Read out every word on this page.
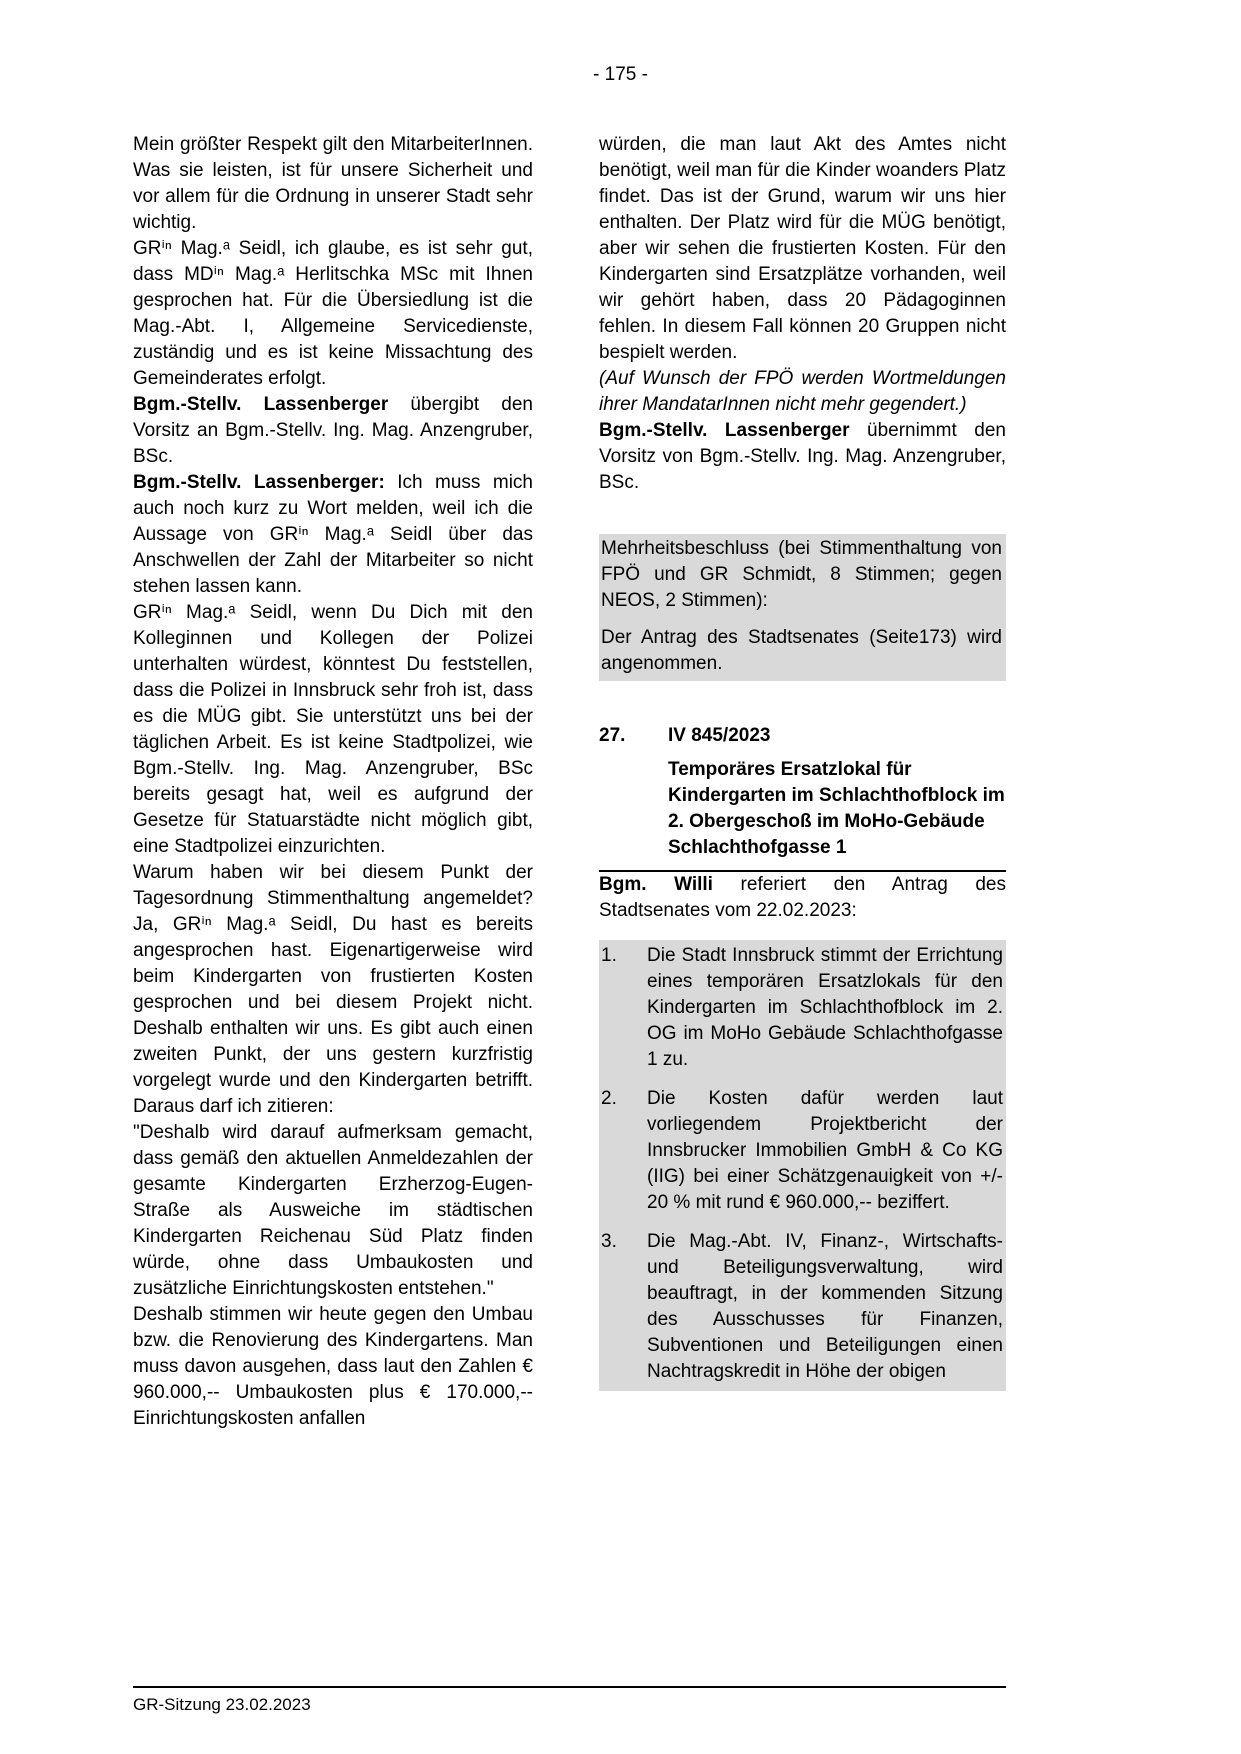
- 175 -

Mein größter Respekt gilt den MitarbeiterInnen. Was sie leisten, ist für unsere Sicherheit und vor allem für die Ordnung in unserer Stadt sehr wichtig.

GRⁱⁿ Mag.ᵃ Seidl, ich glaube, es ist sehr gut, dass MDⁱⁿ Mag.ᵃ Herlitschka MSc mit Ihnen gesprochen hat. Für die Übersiedlung ist die Mag.-Abt. I, Allgemeine Servicedienste, zuständig und es ist keine Missachtung des Gemeinderates erfolgt.

Bgm.-Stellv. Lassenberger übergibt den Vorsitz an Bgm.-Stellv. Ing. Mag. Anzengruber, BSc.

Bgm.-Stellv. Lassenberger: Ich muss mich auch noch kurz zu Wort melden, weil ich die Aussage von GRⁱⁿ Mag.ᵃ Seidl über das Anschwellen der Zahl der Mitarbeiter so nicht stehen lassen kann.

GRⁱⁿ Mag.ᵃ Seidl, wenn Du Dich mit den Kolleginnen und Kollegen der Polizei unterhalten würdest, könntest Du feststellen, dass die Polizei in Innsbruck sehr froh ist, dass es die MÜG gibt. Sie unterstützt uns bei der täglichen Arbeit. Es ist keine Stadtpolizei, wie Bgm.-Stellv. Ing. Mag. Anzengruber, BSc bereits gesagt hat, weil es aufgrund der Gesetze für Statuarstädte nicht möglich gibt, eine Stadtpolizei einzurichten.

Warum haben wir bei diesem Punkt der Tagesordnung Stimmenthaltung angemeldet? Ja, GRⁱⁿ Mag.ᵃ Seidl, Du hast es bereits angesprochen hast. Eigenartigerweise wird beim Kindergarten von frustierten Kosten gesprochen und bei diesem Projekt nicht. Deshalb enthalten wir uns. Es gibt auch einen zweiten Punkt, der uns gestern kurzfristig vorgelegt wurde und den Kindergarten betrifft. Daraus darf ich zitieren:

"Deshalb wird darauf aufmerksam gemacht, dass gemäß den aktuellen Anmeldezahlen der gesamte Kindergarten Erzherzog-Eugen-Straße als Ausweiche im städtischen Kindergarten Reichenau Süd Platz finden würde, ohne dass Umbaukosten und zusätzliche Einrichtungskosten entstehen."

Deshalb stimmen wir heute gegen den Umbau bzw. die Renovierung des Kindergartens. Man muss davon ausgehen, dass laut den Zahlen € 960.000,-- Umbaukosten plus € 170.000,-- Einrichtungskosten anfallen

würden, die man laut Akt des Amtes nicht benötigt, weil man für die Kinder woanders Platz findet. Das ist der Grund, warum wir uns hier enthalten. Der Platz wird für die MÜG benötigt, aber wir sehen die frustierten Kosten. Für den Kindergarten sind Ersatzplätze vorhanden, weil wir gehört haben, dass 20 Pädagoginnen fehlen. In diesem Fall können 20 Gruppen nicht bespielt werden.

(Auf Wunsch der FPÖ werden Wortmeldungen ihrer MandatarInnen nicht mehr gegendert.)

Bgm.-Stellv. Lassenberger übernimmt den Vorsitz von Bgm.-Stellv. Ing. Mag. Anzengruber, BSc.

Mehrheitsbeschluss (bei Stimmenthaltung von FPÖ und GR Schmidt, 8 Stimmen; gegen NEOS, 2 Stimmen):

Der Antrag des Stadtsenates (Seite173) wird angenommen.

27. IV 845/2023
Temporäres Ersatzlokal für Kindergarten im Schlachthofblock im 2. Obergeschoß im MoHo-Gebäude Schlachthofgasse 1

Bgm. Willi referiert den Antrag des Stadtsenates vom 22.02.2023:

1.	Die Stadt Innsbruck stimmt der Errichtung eines temporären Ersatzlokals für den Kindergarten im Schlachthofblock im 2. OG im MoHo Gebäude Schlachthofgasse 1 zu.
2.	Die Kosten dafür werden laut vorliegendem Projektbericht der Innsbrucker Immobilien GmbH & Co KG (IIG) bei einer Schätzgenauigkeit von +/- 20 % mit rund € 960.000,-- beziffert.
3.	Die Mag.-Abt. IV, Finanz-, Wirtschafts- und Beteiligungsverwaltung, wird beauftragt, in der kommenden Sitzung des Ausschusses für Finanzen, Subventionen und Beteiligungen einen Nachtragskredit in Höhe der obigen
GR-Sitzung 23.02.2023
